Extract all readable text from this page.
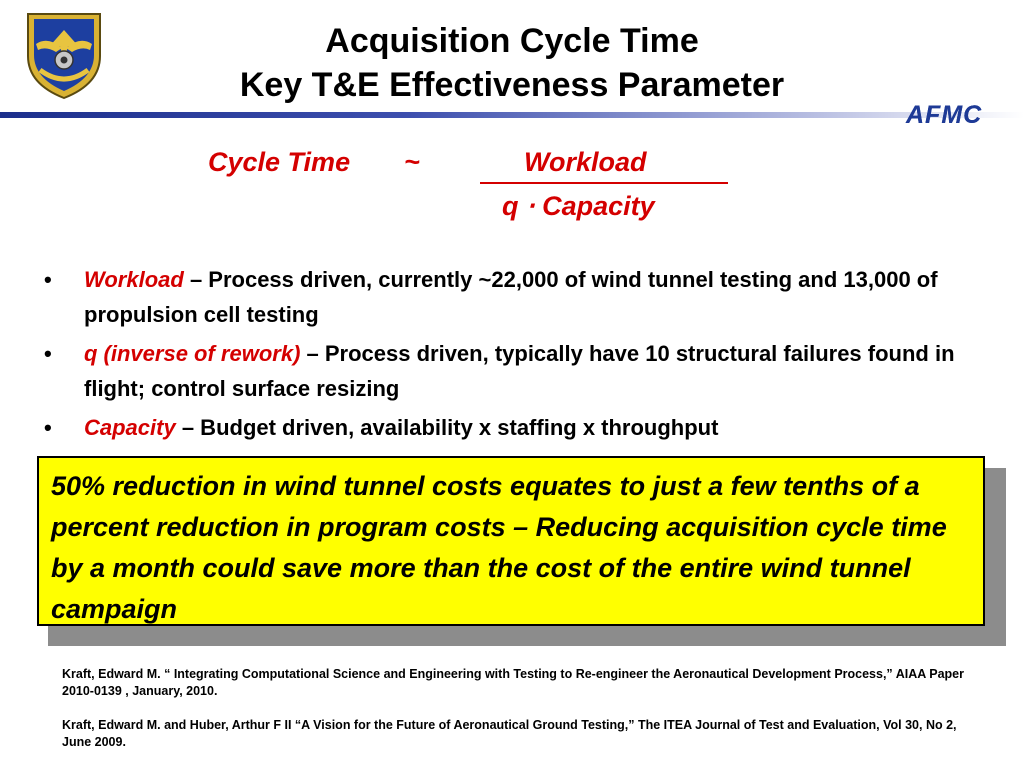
Acquisition Cycle Time
Key T&E Effectiveness Parameter
AFMC
Cycle Time ~	Workload
q ⋅ Capacity
• Workload – Process driven, currently ~22,000 of wind tunnel testing and 13,000 of propulsion cell testing
• q (inverse of rework) – Process driven, typically have 10 structural failures found in flight; control surface resizing
• Capacity – Budget driven, availability x staffing x throughput
50% reduction in wind tunnel costs equates to just a few tenths of a percent reduction in program costs – Reducing acquisition cycle time by a month could save more than the cost of the entire wind tunnel campaign

Kraft, Edward M. “ Integrating Computational Science and Engineering with Testing to Re-engineer the Aeronautical Development Process,” AIAA Paper 2010-0139 , January, 2010.

Kraft, Edward M. and Huber, Arthur F II “A Vision for the Future of Aeronautical Ground Testing,” The ITEA Journal of Test and Evaluation, Vol 30, No 2, June 2009.
